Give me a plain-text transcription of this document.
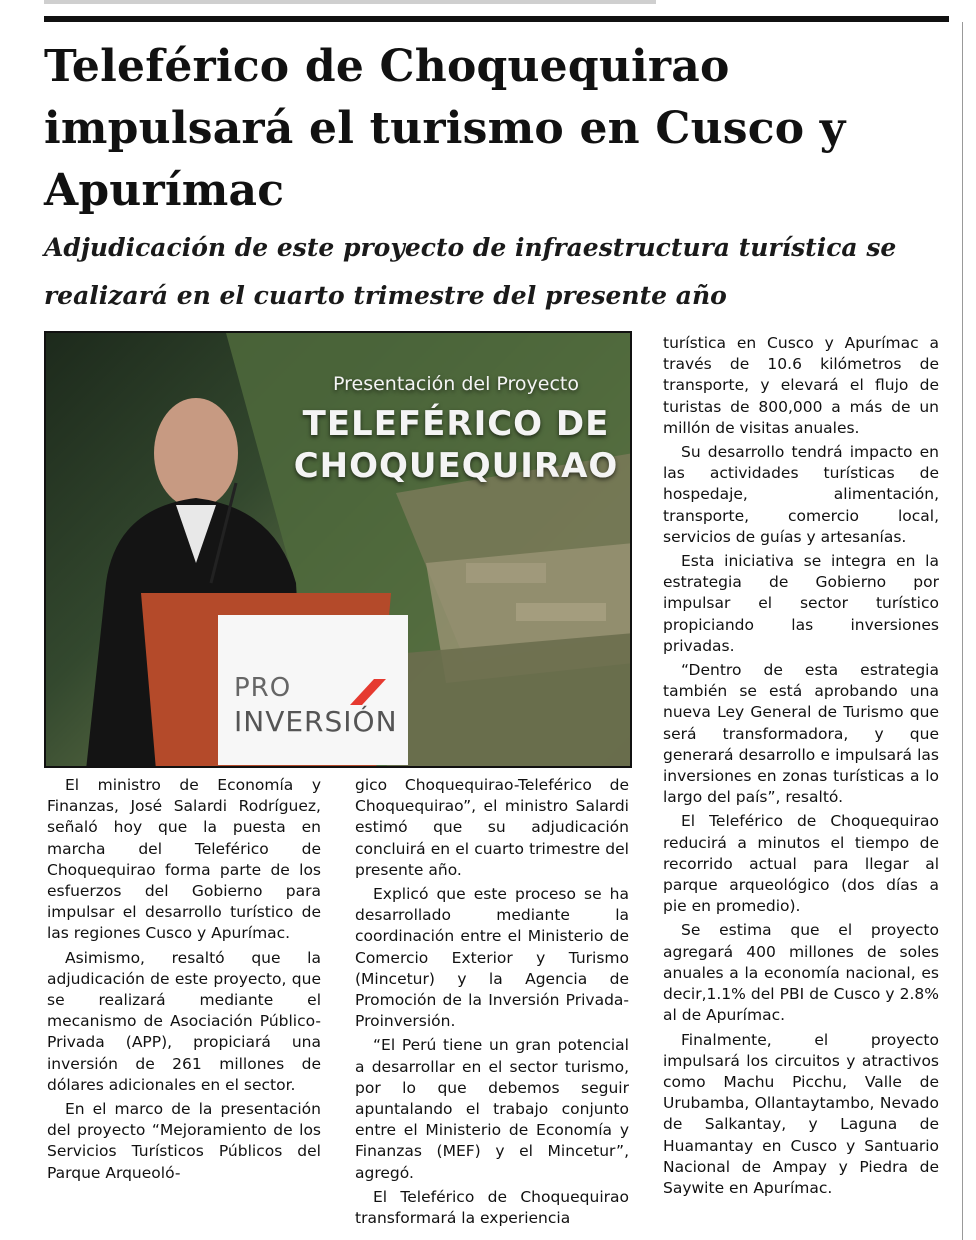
Teleférico de Choquequirao impulsará el turismo en Cusco y Apurímac
Adjudicación de este proyecto de infraestructura turística se realizará en el cuarto trimestre del presente año
Presentación del Proyecto
TELEFÉRICO DE CHOQUEQUIRAO
PRO
INVERSIÓN

El ministro de Economía y Finanzas, José Salardi Rodríguez, señaló hoy que la puesta en marcha del Teleférico de Choquequirao forma parte de los esfuerzos del Gobierno para impulsar el desarrollo turístico de las regiones Cusco y Apurímac.

Asimismo, resaltó que la adjudicación de este proyecto, que se realizará mediante el mecanismo de Asociación Público-Privada (APP), propiciará una inversión de 261 millones de dólares adicionales en el sector.

En el marco de la presentación del proyecto “Mejoramiento de los Servicios Turísticos Públicos del Parque Arqueoló-

gico Choquequirao-Teleférico de Choquequirao”, el ministro Salardi estimó que su adjudicación concluirá en el cuarto trimestre del presente año.

Explicó que este proceso se ha desarrollado mediante la coordinación entre el Ministerio de Comercio Exterior y Turismo (Mincetur) y la Agencia de Promoción de la Inversión Privada-Proinversión.

“El Perú tiene un gran potencial a desarrollar en el sector turismo, por lo que debemos seguir apuntalando el trabajo conjunto entre el Ministerio de Economía y Finanzas (MEF) y el Mincetur”, agregó.

El Teleférico de Choquequirao transformará la experiencia

turística en Cusco y Apurímac a través de 10.6 kilómetros de transporte, y elevará el flujo de turistas de 800,000 a más de un millón de visitas anuales.

Su desarrollo tendrá impacto en las actividades turísticas de hospedaje, alimentación, transporte, comercio local, servicios de guías y artesanías.

Esta iniciativa se integra en la estrategia de Gobierno por impulsar el sector turístico propiciando las inversiones privadas.

“Dentro de esta estrategia también se está aprobando una nueva Ley General de Turismo que será transformadora, y que generará desarrollo e impulsará las inversiones en zonas turísticas a lo largo del país”, resaltó.

El Teleférico de Choquequirao reducirá a minutos el tiempo de recorrido actual para llegar al parque arqueológico (dos días a pie en promedio).

Se estima que el proyecto agregará 400 millones de soles anuales a la economía nacional, es decir,1.1% del PBI de Cusco y 2.8% al de Apurímac.

Finalmente, el proyecto impulsará los circuitos y atractivos como Machu Picchu, Valle de Urubamba, Ollantaytambo, Nevado de Salkantay, y Laguna de Huamantay en Cusco y Santuario Nacional de Ampay y Piedra de Saywite en Apurímac.
